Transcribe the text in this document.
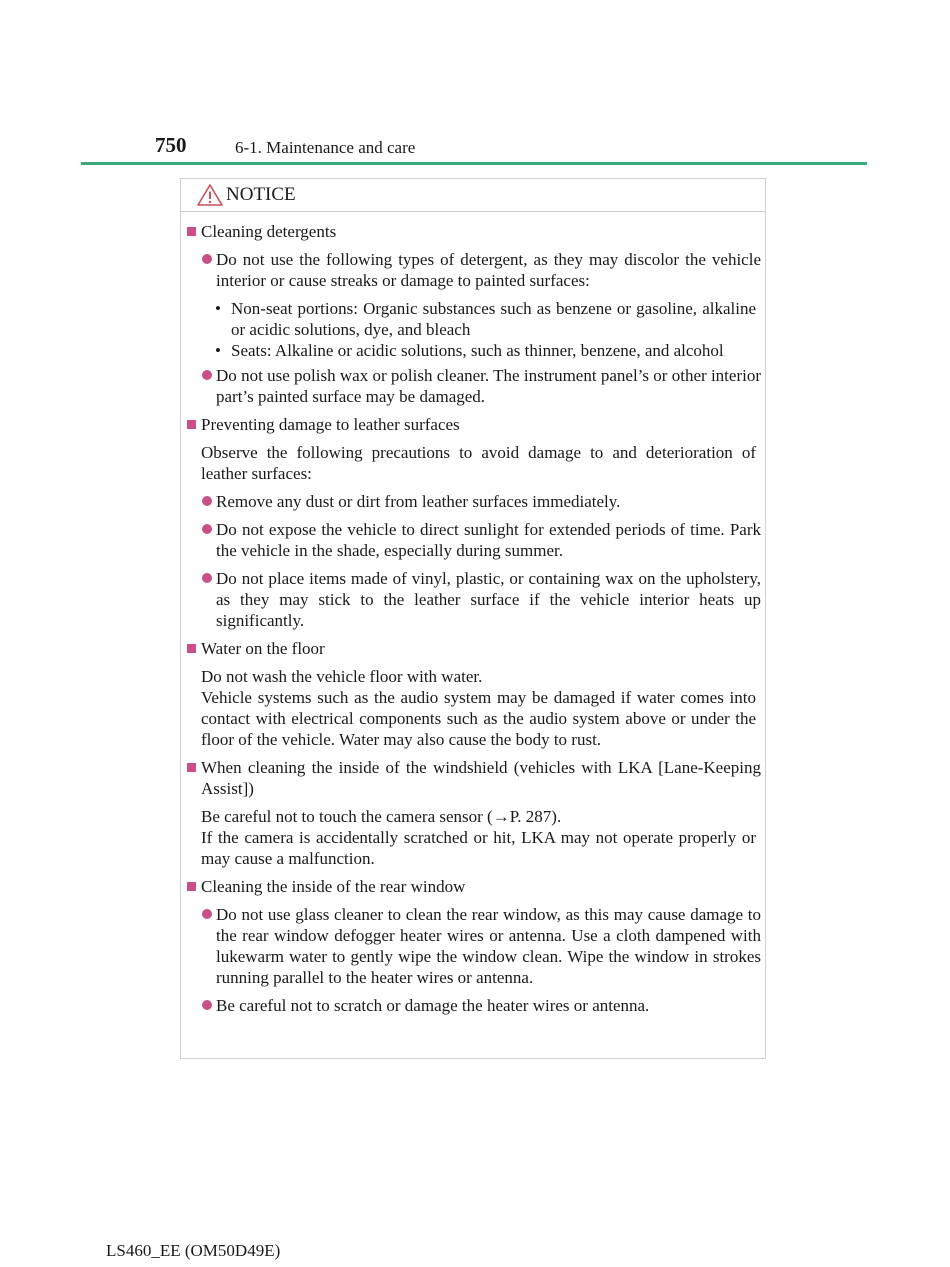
750	6-1. Maintenance and care
NOTICE

Cleaning detergents

Do not use the following types of detergent, as they may discolor the vehicle interior or cause streaks or damage to painted surfaces:

• Non-seat portions: Organic substances such as benzene or gasoline, alkaline or acidic solutions, dye, and bleach

• Seats: Alkaline or acidic solutions, such as thinner, benzene, and alcohol

Do not use polish wax or polish cleaner. The instrument panel’s or other interior part’s painted surface may be damaged.

Preventing damage to leather surfaces

Observe the following precautions to avoid damage to and deterioration of leather surfaces:

Remove any dust or dirt from leather surfaces immediately.

Do not expose the vehicle to direct sunlight for extended periods of time. Park the vehicle in the shade, especially during summer.

Do not place items made of vinyl, plastic, or containing wax on the upholstery, as they may stick to the leather surface if the vehicle interior heats up significantly.

Water on the floor

Do not wash the vehicle floor with water.

Vehicle systems such as the audio system may be damaged if water comes into contact with electrical components such as the audio system above or under the floor of the vehicle. Water may also cause the body to rust.

When cleaning the inside of the windshield (vehicles with LKA [Lane-Keeping Assist])

Be careful not to touch the camera sensor (→P. 287).

If the camera is accidentally scratched or hit, LKA may not operate properly or may cause a malfunction.

Cleaning the inside of the rear window

Do not use glass cleaner to clean the rear window, as this may cause damage to the rear window defogger heater wires or antenna. Use a cloth dampened with lukewarm water to gently wipe the window clean. Wipe the window in strokes running parallel to the heater wires or antenna.

Be careful not to scratch or damage the heater wires or antenna.

LS460_EE (OM50D49E)
